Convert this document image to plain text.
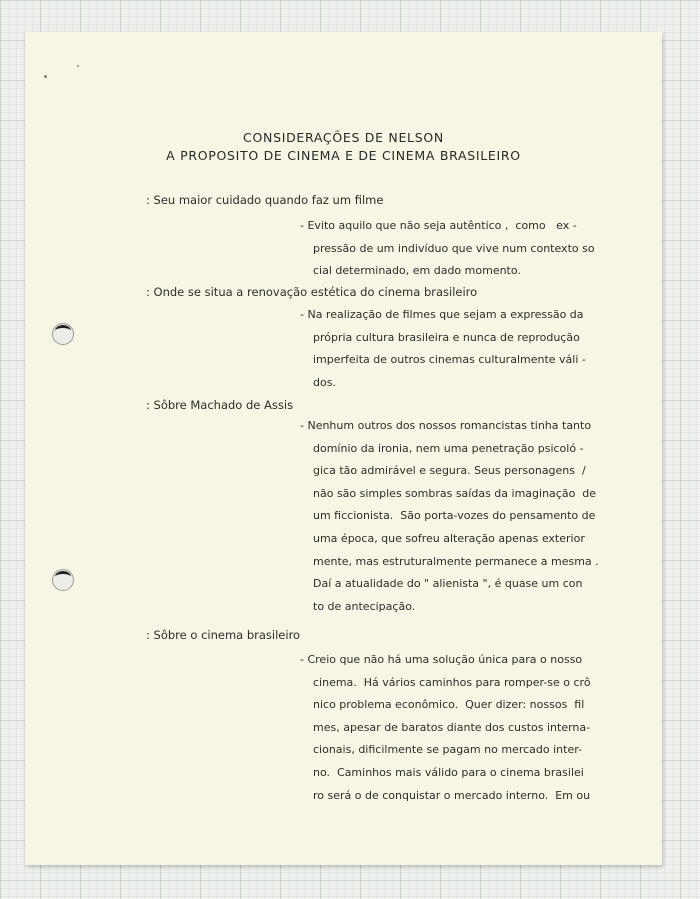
CONSIDERAÇÕES DE NELSON
A PROPOSITO DE CINEMA E DE CINEMA BRASILEIRO
: Seu maior cuidado quando faz um filme
- Evito aquilo que não seja autêntico ,  como   ex -
pressão de um indivíduo que vive num contexto so
cial determinado, em dado momento.
: Onde se situa a renovação estética do cinema brasileiro
- Na realização de filmes que sejam a expressão da
própria cultura brasileira e nunca de reprodução
imperfeita de outros cinemas culturalmente váli -
dos.
: Sôbre Machado de Assis
- Nenhum outros dos nossos romancistas tinha tanto
domínio da ironia, nem uma penetração psicoló -
gica tão admirável e segura. Seus personagens  /
não são simples sombras saídas da imaginação  de
um ficcionista.  São porta-vozes do pensamento de
uma época, que sofreu alteração apenas exterior
mente, mas estruturalmente permanece a mesma .
Daí a atualidade do " alienista ", é quase um con
to de antecipação.
: Sôbre o cinema brasileiro
- Creio que não há uma solução única para o nosso
cinema.  Há vários caminhos para romper-se o crô
nico problema econômico.  Quer dizer: nossos  fil
mes, apesar de baratos diante dos custos interna-
cionais, dificilmente se pagam no mercado inter-
no.  Caminhos mais válido para o cinema brasilei
ro será o de conquistar o mercado interno.  Em ou
